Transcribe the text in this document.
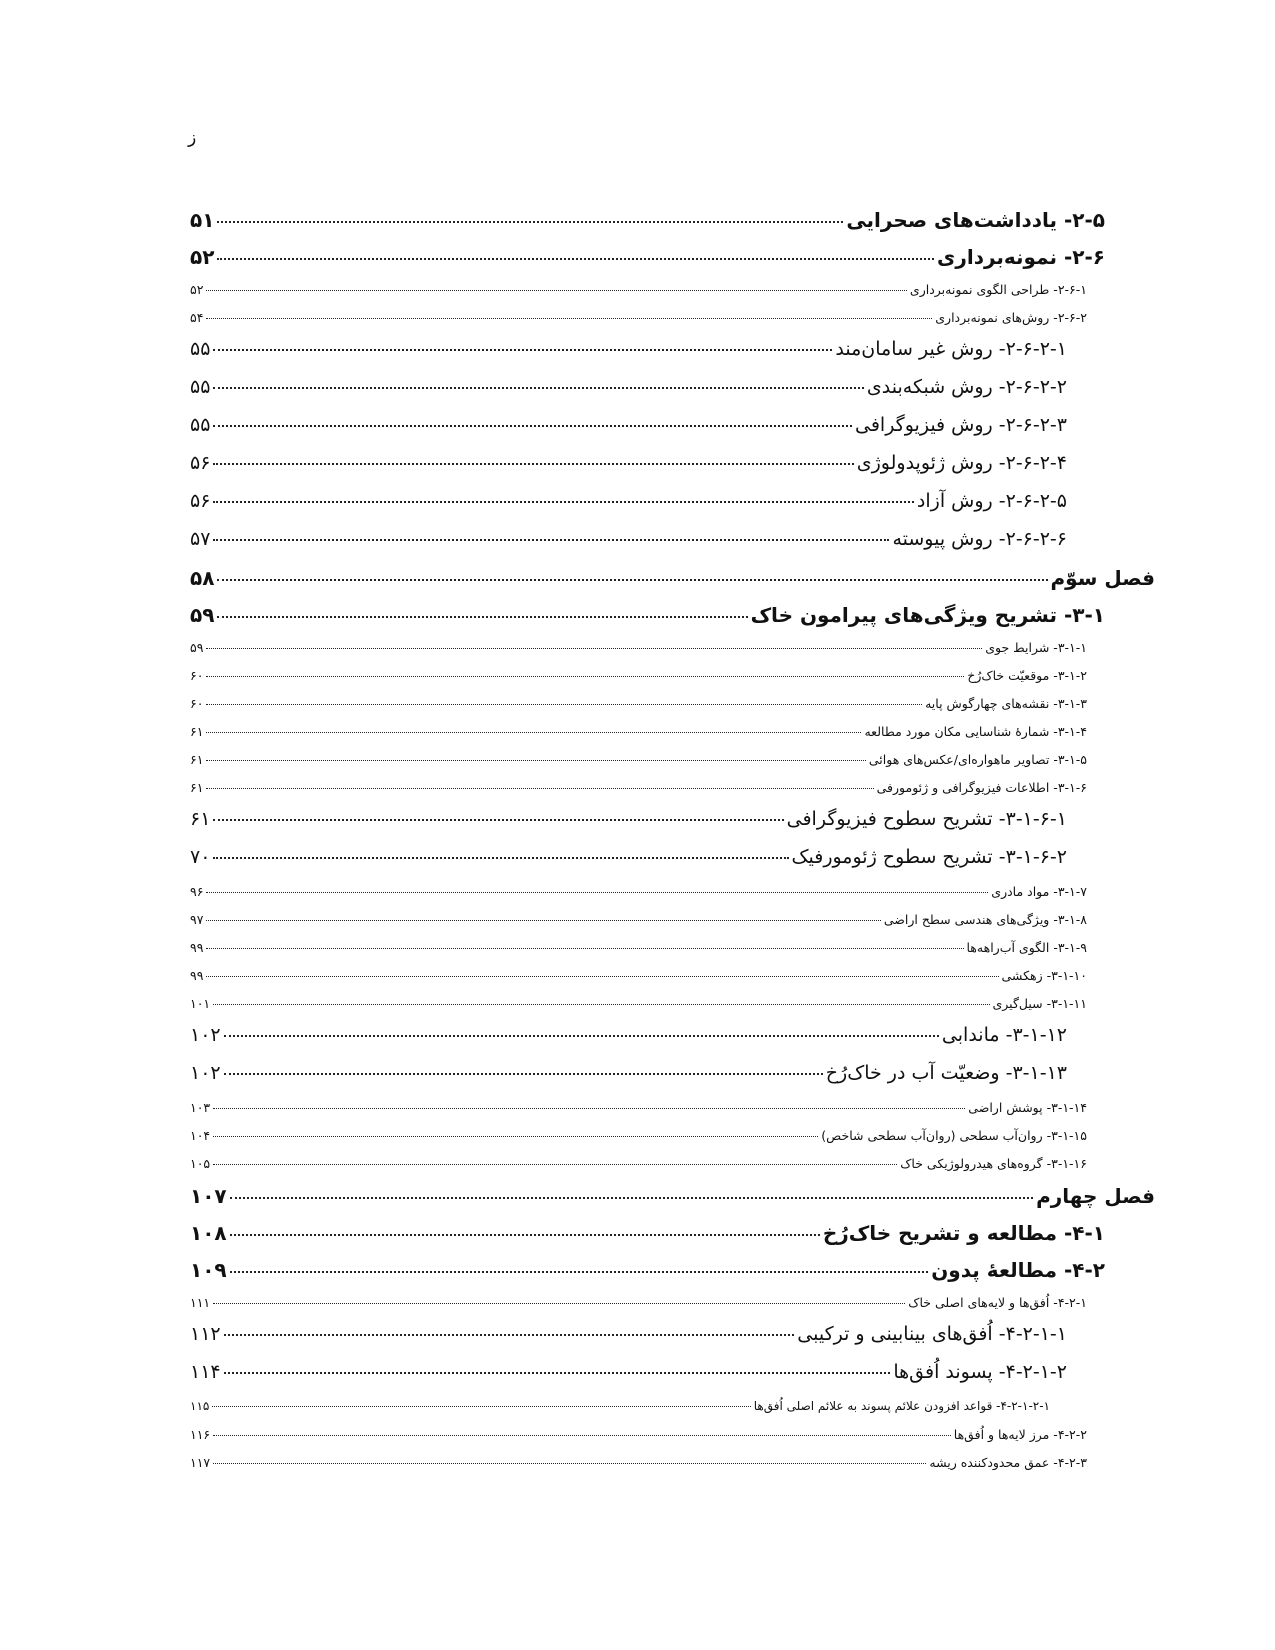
ز
۲-۵- یادداشت‌های صحرایی
۵۱
۲-۶- نمونه‌برداری
۵۲
۲-۶-۱- طراحی الگوی نمونه‌برداری
۵۲
۲-۶-۲- روش‌های نمونه‌برداری
۵۴
۲-۶-۲-۱- روش غیر سامان‌مند
۵۵
۲-۶-۲-۲- روش شبکه‌بندی
۵۵
۲-۶-۲-۳- روش فیزیوگرافی
۵۵
۲-۶-۲-۴- روش ژئوپدولوژی
۵۶
۲-۶-۲-۵- روش آزاد
۵۶
۲-۶-۲-۶- روش پیوسته
۵۷
فصل سوّم
۵۸
۳-۱- تشریح ویژگی‌های پیرامون خاک
۵۹
۳-۱-۱- شرایط جوی
۵۹
۳-۱-۲- موقعیّت خاک‌رُخ
۶۰
۳-۱-۳- نقشه‌های چهارگوش پایه
۶۰
۳-۱-۴- شمارهٔ شناسایی مکان مورد مطالعه
۶۱
۳-۱-۵- تصاویر ماهواره‌ای/عکس‌های هوائی
۶۱
۳-۱-۶- اطلاعات فیزیوگرافی و ژئومورفی
۶۱
۳-۱-۶-۱- تشریح سطوح فیزیوگرافی
۶۱
۳-۱-۶-۲- تشریح سطوح ژئومورفیک
۷۰
۳-۱-۷- مواد مادری
۹۶
۳-۱-۸- ویژگی‌های هندسی سطح اراضی
۹۷
۳-۱-۹- الگوی آب‌راهه‌ها
۹۹
۳-۱-۱۰- زهکشی
۹۹
۳-۱-۱۱- سیل‌گیری
۱۰۱
۳-۱-۱۲- ماندابی
۱۰۲
۳-۱-۱۳- وضعیّت آب در خاک‌رُخ
۱۰۲
۳-۱-۱۴- پوشش اراضی
۱۰۳
۳-۱-۱۵- روان‌آب سطحی (روان‌آب سطحی شاخص)
۱۰۴
۳-۱-۱۶- گروه‌های هیدرولوژیکی خاک
۱۰۵
فصل چهارم
۱۰۷
۴-۱- مطالعه و تشریح خاک‌رُخ
۱۰۸
۴-۲- مطالعهٔ پدون
۱۰۹
۴-۲-۱- اُفق‌ها و لایه‌های اصلی خاک
۱۱۱
۴-۲-۱-۱- اُفق‌های بینابینی و ترکیبی
۱۱۲
۴-۲-۱-۲- پسوند اُفق‌ها
۱۱۴
۴-۲-۱-۲-۱- قواعد افزودن علائم پسوند به علائم اصلی اُفق‌ها
۱۱۵
۴-۲-۲- مرز لایه‌ها و اُفق‌ها
۱۱۶
۴-۲-۳- عمق محدودکننده ریشه
۱۱۷
